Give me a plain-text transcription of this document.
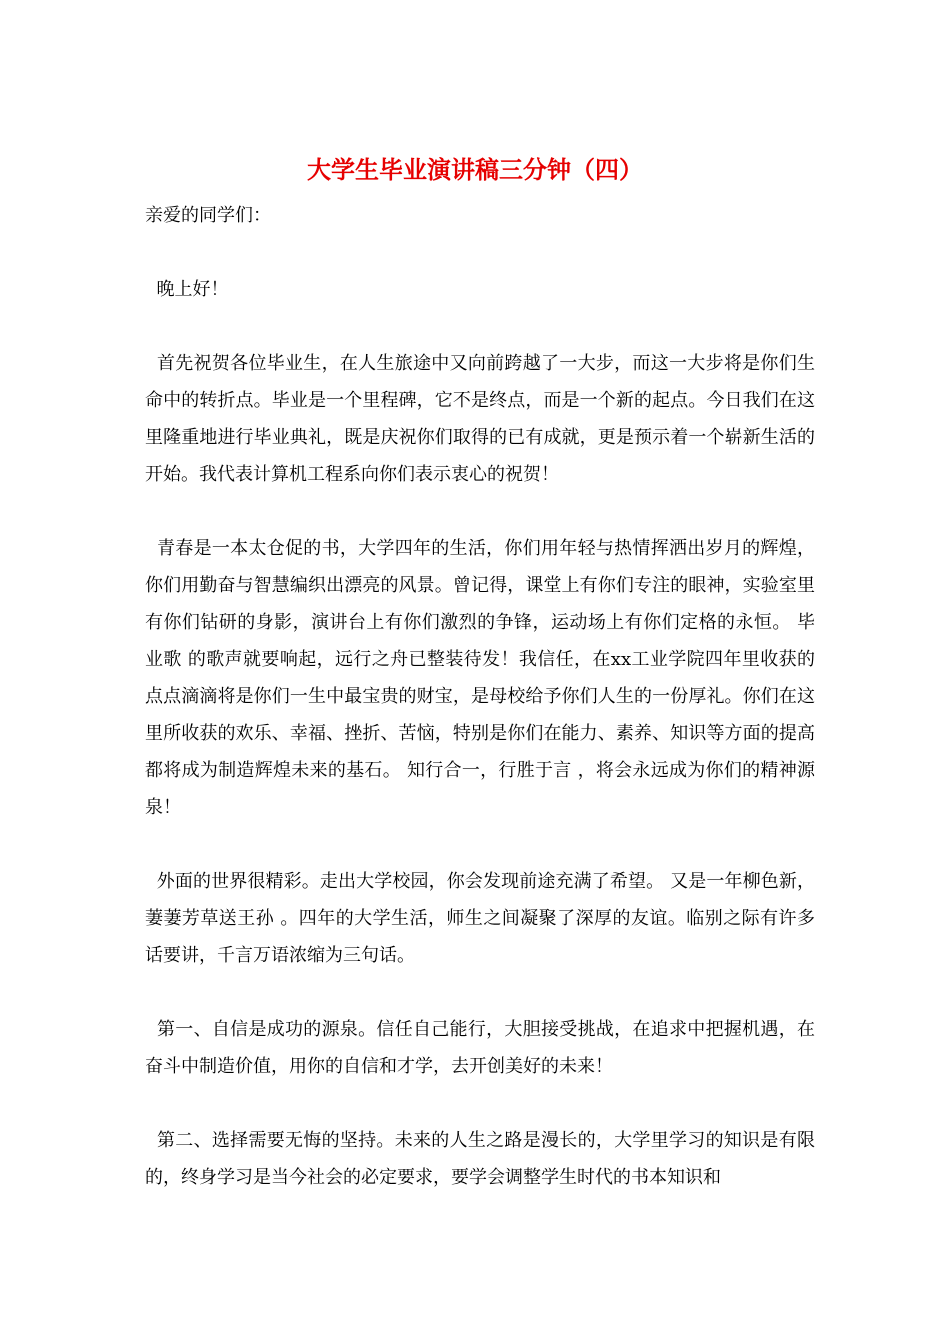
大学生毕业演讲稿三分钟（四）

亲爱的同学们：

晚上好！

首先祝贺各位毕业生，在人生旅途中又向前跨越了一大步，而这一大步将是你们生命中的转折点。毕业是一个里程碑，它不是终点，而是一个新的起点。今日我们在这里隆重地进行毕业典礼，既是庆祝你们取得的已有成就，更是预示着一个崭新生活的开始。我代表计算机工程系向你们表示衷心的祝贺！

青春是一本太仓促的书，大学四年的生活，你们用年轻与热情挥洒出岁月的辉煌，你们用勤奋与智慧编织出漂亮的风景。曾记得，课堂上有你们专注的眼神，实验室里有你们钻研的身影，演讲台上有你们激烈的争锋，运动场上有你们定格的永恒。 毕业歌 的歌声就要响起，远行之舟已整装待发！我信任，在xx工业学院四年里收获的点点滴滴将是你们一生中最宝贵的财宝，是母校给予你们人生的一份厚礼。你们在这里所收获的欢乐、幸福、挫折、苦恼，特别是你们在能力、素养、知识等方面的提高都将成为制造辉煌未来的基石。 知行合一，行胜于言 ，将会永远成为你们的精神源泉！

外面的世界很精彩。走出大学校园，你会发现前途充满了希望。 又是一年柳色新，萋萋芳草送王孙 。四年的大学生活，师生之间凝聚了深厚的友谊。临别之际有许多话要讲，千言万语浓缩为三句话。

第一、自信是成功的源泉。信任自己能行，大胆接受挑战，在追求中把握机遇，在奋斗中制造价值，用你的自信和才学，去开创美好的未来！

第二、选择需要无悔的坚持。未来的人生之路是漫长的，大学里学习的知识是有限的，终身学习是当今社会的必定要求，要学会调整学生时代的书本知识和
